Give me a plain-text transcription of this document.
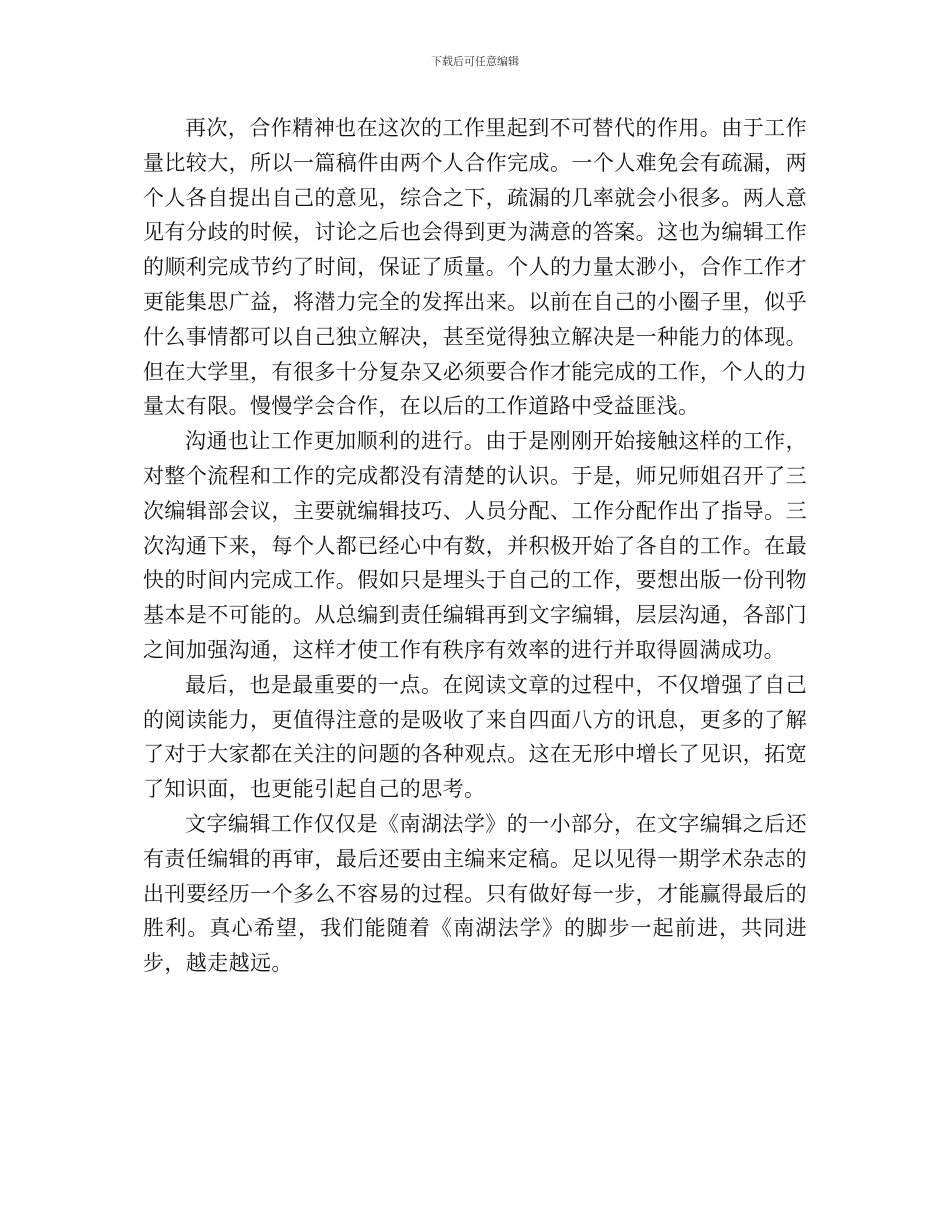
下载后可任意编辑

再次，合作精神也在这次的工作里起到不可替代的作用。由于工作量比较大，所以一篇稿件由两个人合作完成。一个人难免会有疏漏，两个人各自提出自己的意见，综合之下，疏漏的几率就会小很多。两人意见有分歧的时候，讨论之后也会得到更为满意的答案。这也为编辑工作的顺利完成节约了时间，保证了质量。个人的力量太渺小，合作工作才更能集思广益，将潜力完全的发挥出来。以前在自己的小圈子里，似乎什么事情都可以自己独立解决，甚至觉得独立解决是一种能力的体现。但在大学里，有很多十分复杂又必须要合作才能完成的工作，个人的力量太有限。慢慢学会合作，在以后的工作道路中受益匪浅。

沟通也让工作更加顺利的进行。由于是刚刚开始接触这样的工作，对整个流程和工作的完成都没有清楚的认识。于是，师兄师姐召开了三次编辑部会议，主要就编辑技巧、人员分配、工作分配作出了指导。三次沟通下来，每个人都已经心中有数，并积极开始了各自的工作。在最快的时间内完成工作。假如只是埋头于自己的工作，要想出版一份刊物基本是不可能的。从总编到责任编辑再到文字编辑，层层沟通，各部门之间加强沟通，这样才使工作有秩序有效率的进行并取得圆满成功。

最后，也是最重要的一点。在阅读文章的过程中，不仅增强了自己的阅读能力，更值得注意的是吸收了来自四面八方的讯息，更多的了解了对于大家都在关注的问题的各种观点。这在无形中增长了见识，拓宽了知识面，也更能引起自己的思考。

文字编辑工作仅仅是《南湖法学》的一小部分，在文字编辑之后还有责任编辑的再审，最后还要由主编来定稿。足以见得一期学术杂志的出刊要经历一个多么不容易的过程。只有做好每一步，才能赢得最后的胜利。真心希望，我们能随着《南湖法学》的脚步一起前进，共同进步，越走越远。
